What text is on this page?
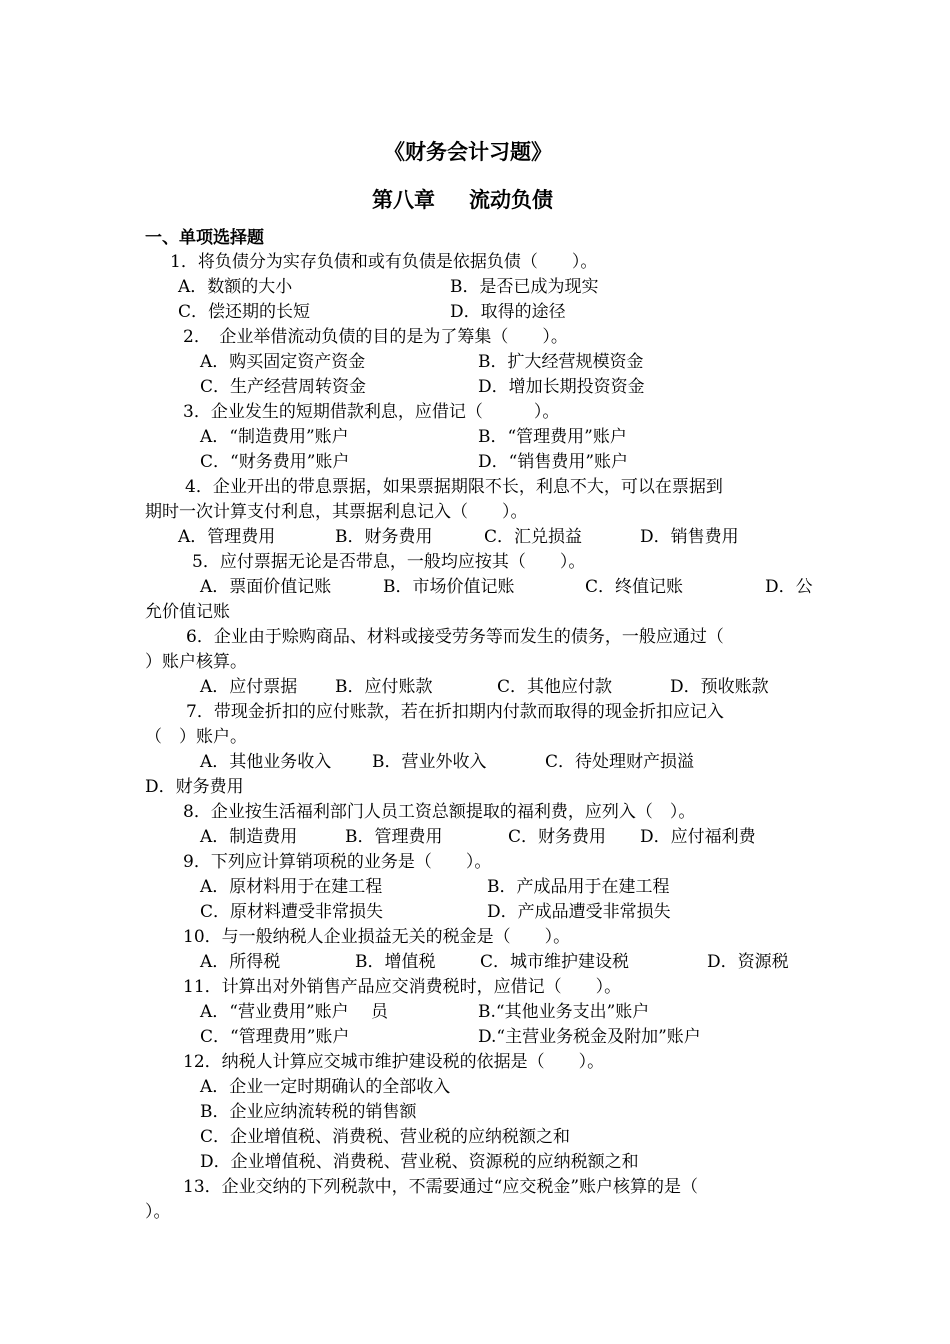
《财务会计习题》
第八章 流动负债
一、单项选择题
1．将负债分为实存负债和或有负债是依据负债（　　）。
A．数额的大小	B．是否已成为现实
C．偿还期的长短	D．取得的途径
2．　企业举借流动负债的目的是为了筹集（　　）。
A．购买固定资产资金	B．扩大经营规模资金
C．生产经营周转资金	D．增加长期投资资金
3．企业发生的短期借款利息，应借记（　　　）。
A．“制造费用”账户	B．“管理费用”账户
C．“财务费用”账户	D．“销售费用”账户
4．企业开出的带息票据，如果票据期限不长，利息不大，可以在票据到
期时一次计算支付利息，其票据利息记入（　　）。
A．管理费用	B．财务费用	C．汇兑损益	D．销售费用
5．应付票据无论是否带息，一般均应按其（　　）。
A．票面价值记账	B．市场价值记账	C．终值记账	D．公
允价值记账
6．企业由于赊购商品、材料或接受劳务等而发生的债务，一般应通过（
）账户核算。
A．应付票据 B．应付账款	C．其他应付款	D．预收账款
7．带现金折扣的应付账款，若在折扣期内付款而取得的现金折扣应记入
（　）账户。
A．其他业务收入 B．营业外收入	C．待处理财产损溢
D．财务费用
8．企业按生活福利部门人员工资总额提取的福利费，应列入（　）。
A．制造费用	B．管理费用	C．财务费用 D．应付福利费
9．下列应计算销项税的业务是（　　）。
A．原材料用于在建工程	B．产成品用于在建工程
C．原材料遭受非常损失	D．产成品遭受非常损失
10．与一般纳税人企业损益无关的税金是（　　）。
A．所得税	B．增值税	C．城市维护建设税	D．资源税
11．计算出对外销售产品应交消费税时，应借记（　　）。
A．“营业费用”账户　 员	B.“其他业务支出”账户
C．“管理费用”账户	D.“主营业务税金及附加”账户
12．纳税人计算应交城市维护建设税的依据是（　　）。
A．企业一定时期确认的全部收入
B．企业应纳流转税的销售额
C．企业增值税、消费税、营业税的应纳税额之和
D．企业增值税、消费税、营业税、资源税的应纳税额之和
13．企业交纳的下列税款中，不需要通过“应交税金”账户核算的是（
）。
